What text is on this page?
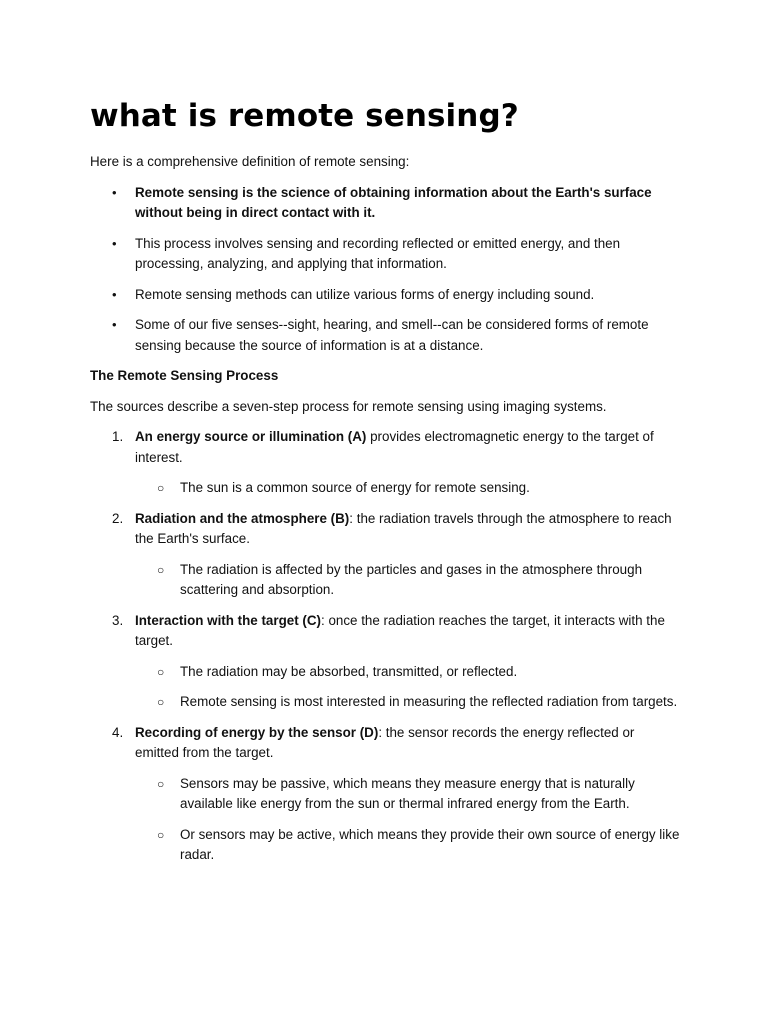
what is remote sensing?

Here is a comprehensive definition of remote sensing:

• Remote sensing is the science of obtaining information about the Earth's surface without being in direct contact with it.
• This process involves sensing and recording reflected or emitted energy, and then processing, analyzing, and applying that information.
• Remote sensing methods can utilize various forms of energy including sound.
• Some of our five senses--sight, hearing, and smell--can be considered forms of remote sensing because the source of information is at a distance.

The Remote Sensing Process

The sources describe a seven-step process for remote sensing using imaging systems.

1. An energy source or illumination (A) provides electromagnetic energy to the target of interest.
○ The sun is a common source of energy for remote sensing.
2. Radiation and the atmosphere (B): the radiation travels through the atmosphere to reach the Earth's surface.
○ The radiation is affected by the particles and gases in the atmosphere through scattering and absorption.
3. Interaction with the target (C): once the radiation reaches the target, it interacts with the target.
○ The radiation may be absorbed, transmitted, or reflected.
○ Remote sensing is most interested in measuring the reflected radiation from targets.
4. Recording of energy by the sensor (D): the sensor records the energy reflected or emitted from the target.
○ Sensors may be passive, which means they measure energy that is naturally available like energy from the sun or thermal infrared energy from the Earth.
○ Or sensors may be active, which means they provide their own source of energy like radar.
